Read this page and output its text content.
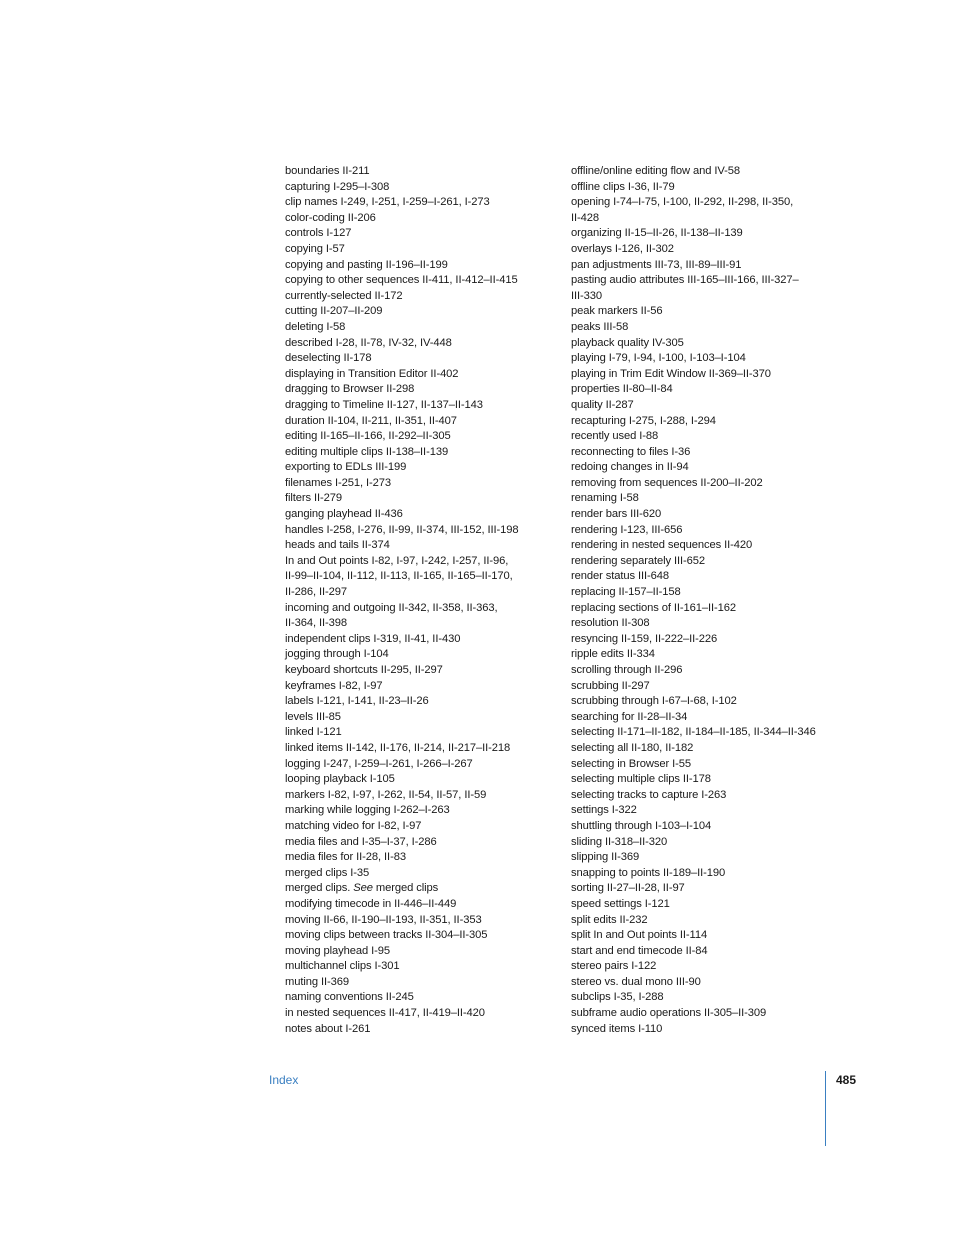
boundaries II-211
capturing I-295–I-308
clip names I-249, I-251, I-259–I-261, I-273
color-coding II-206
controls I-127
copying I-57
copying and pasting II-196–II-199
copying to other sequences II-411, II-412–II-415
currently-selected II-172
cutting II-207–II-209
deleting I-58
described I-28, II-78, IV-32, IV-448
deselecting II-178
displaying in Transition Editor II-402
dragging to Browser II-298
dragging to Timeline II-127, II-137–II-143
duration II-104, II-211, II-351, II-407
editing II-165–II-166, II-292–II-305
editing multiple clips II-138–II-139
exporting to EDLs III-199
filenames I-251, I-273
filters II-279
ganging playhead II-436
handles I-258, I-276, II-99, II-374, III-152, III-198
heads and tails II-374
In and Out points I-82, I-97, I-242, I-257, II-96,
II-99–II-104, II-112, II-113, II-165, II-165–II-170,
II-286, II-297
incoming and outgoing II-342, II-358, II-363,
II-364, II-398
independent clips I-319, II-41, II-430
jogging through I-104
keyboard shortcuts II-295, II-297
keyframes I-82, I-97
labels I-121, I-141, II-23–II-26
levels III-85
linked I-121
linked items II-142, II-176, II-214, II-217–II-218
logging I-247, I-259–I-261, I-266–I-267
looping playback I-105
markers I-82, I-97, I-262, II-54, II-57, II-59
marking while logging I-262–I-263
matching video for I-82, I-97
media files and I-35–I-37, I-286
media files for II-28, II-83
merged clips I-35
merged clips. See merged clips
modifying timecode in II-446–II-449
moving II-66, II-190–II-193, II-351, II-353
moving clips between tracks II-304–II-305
moving playhead I-95
multichannel clips I-301
muting II-369
naming conventions II-245
in nested sequences II-417, II-419–II-420
notes about I-261
offline/online editing flow and IV-58
offline clips I-36, II-79
opening I-74–I-75, I-100, II-292, II-298, II-350,
II-428
organizing II-15–II-26, II-138–II-139
overlays I-126, II-302
pan adjustments III-73, III-89–III-91
pasting audio attributes III-165–III-166, III-327–
III-330
peak markers II-56
peaks III-58
playback quality IV-305
playing I-79, I-94, I-100, I-103–I-104
playing in Trim Edit Window II-369–II-370
properties II-80–II-84
quality II-287
recapturing I-275, I-288, I-294
recently used I-88
reconnecting to files I-36
redoing changes in II-94
removing from sequences II-200–II-202
renaming I-58
render bars III-620
rendering I-123, III-656
rendering in nested sequences II-420
rendering separately III-652
render status III-648
replacing II-157–II-158
replacing sections of II-161–II-162
resolution II-308
resyncing II-159, II-222–II-226
ripple edits II-334
scrolling through II-296
scrubbing II-297
scrubbing through I-67–I-68, I-102
searching for II-28–II-34
selecting II-171–II-182, II-184–II-185, II-344–II-346
selecting all II-180, II-182
selecting in Browser I-55
selecting multiple clips II-178
selecting tracks to capture I-263
settings I-322
shuttling through I-103–I-104
sliding II-318–II-320
slipping II-369
snapping to points II-189–II-190
sorting II-27–II-28, II-97
speed settings I-121
split edits II-232
split In and Out points II-114
start and end timecode II-84
stereo pairs I-122
stereo vs. dual mono III-90
subclips I-35, I-288
subframe audio operations II-305–II-309
synced items I-110
Index	485
